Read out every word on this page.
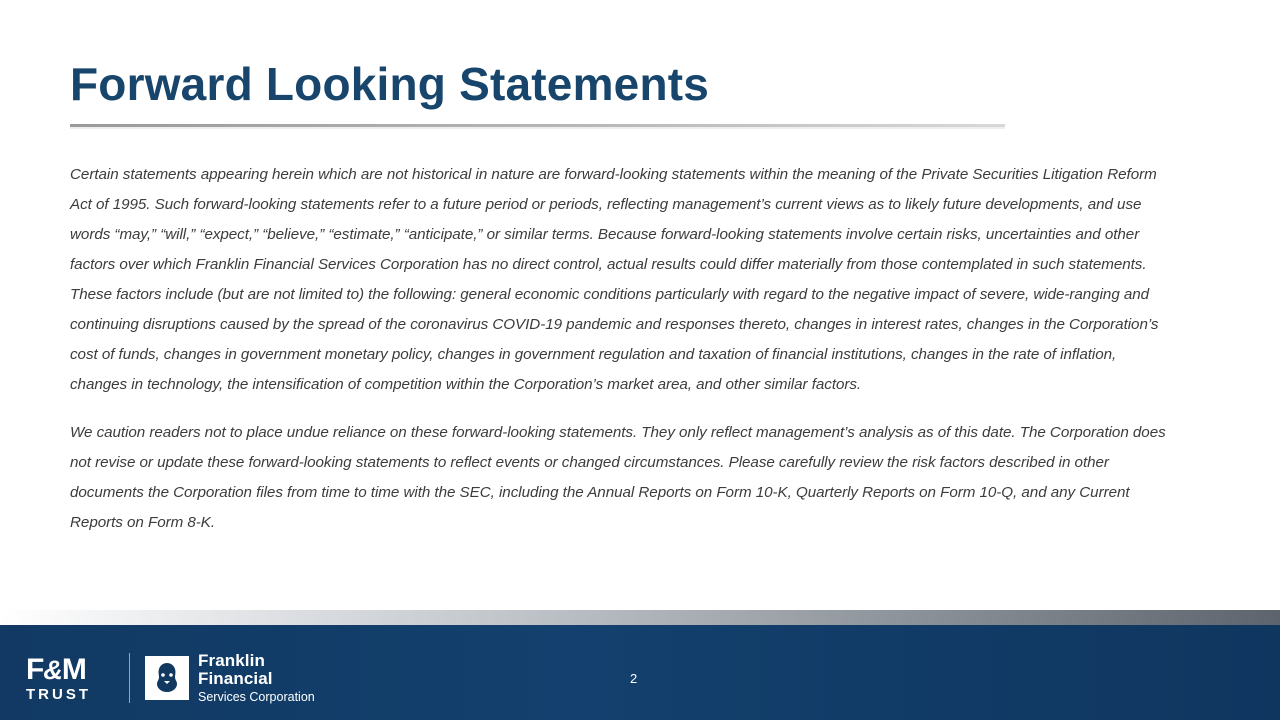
Forward Looking Statements

Certain statements appearing herein which are not historical in nature are forward-looking statements within the meaning of the Private Securities Litigation Reform Act of 1995. Such forward-looking statements refer to a future period or periods, reflecting management’s current views as to likely future developments, and use words “may,” “will,” “expect,” “believe,” “estimate,” “anticipate,” or similar terms. Because forward-looking statements involve certain risks, uncertainties and other factors over which Franklin Financial Services Corporation has no direct control, actual results could differ materially from those contemplated in such statements. These factors include (but are not limited to) the following: general economic conditions particularly with regard to the negative impact of severe, wide-ranging and continuing disruptions caused by the spread of the coronavirus COVID-19 pandemic and responses thereto, changes in interest rates, changes in the Corporation’s cost of funds, changes in government monetary policy, changes in government regulation and taxation of financial institutions, changes in the rate of inflation, changes in technology, the intensification of competition within the Corporation’s market area, and other similar factors.

We caution readers not to place undue reliance on these forward-looking statements. They only reflect management’s analysis as of this date. The Corporation does not revise or update these forward-looking statements to reflect events or changed circumstances. Please carefully review the risk factors described in other documents the Corporation files from time to time with the SEC, including the Annual Reports on Form 10-K, Quarterly Reports on Form 10-Q, and any Current Reports on Form 8-K.

2
F&M
TRUST
Franklin Financial
Services Corporation
